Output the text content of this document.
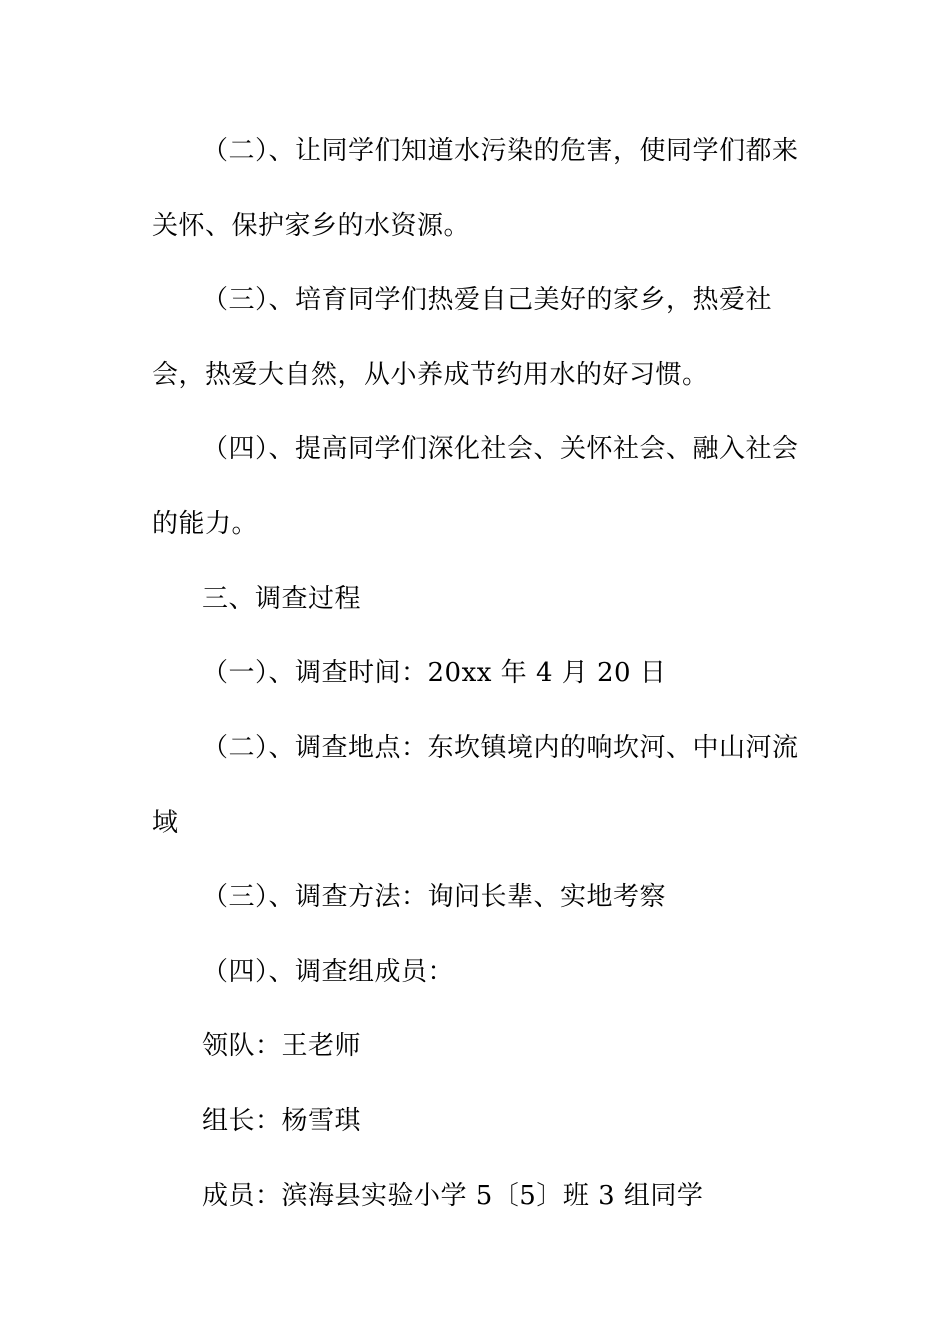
（二）、让同学们知道水污染的危害，使同学们都来
关怀、保护家乡的水资源。
（三）、培育同学们热爱自己美好的家乡，热爱社
会，热爱大自然，从小养成节约用水的好习惯。
（四）、提高同学们深化社会、关怀社会、融入社会
的能力。
三、调查过程
（一）、调查时间：20xx 年 4 月 20 日
（二）、调查地点：东坎镇境内的响坎河、中山河流
域
（三）、调查方法：询问长辈、实地考察
（四）、调查组成员：
领队：王老师
组长：杨雪琪
成员：滨海县实验小学 5〔5〕班 3 组同学
